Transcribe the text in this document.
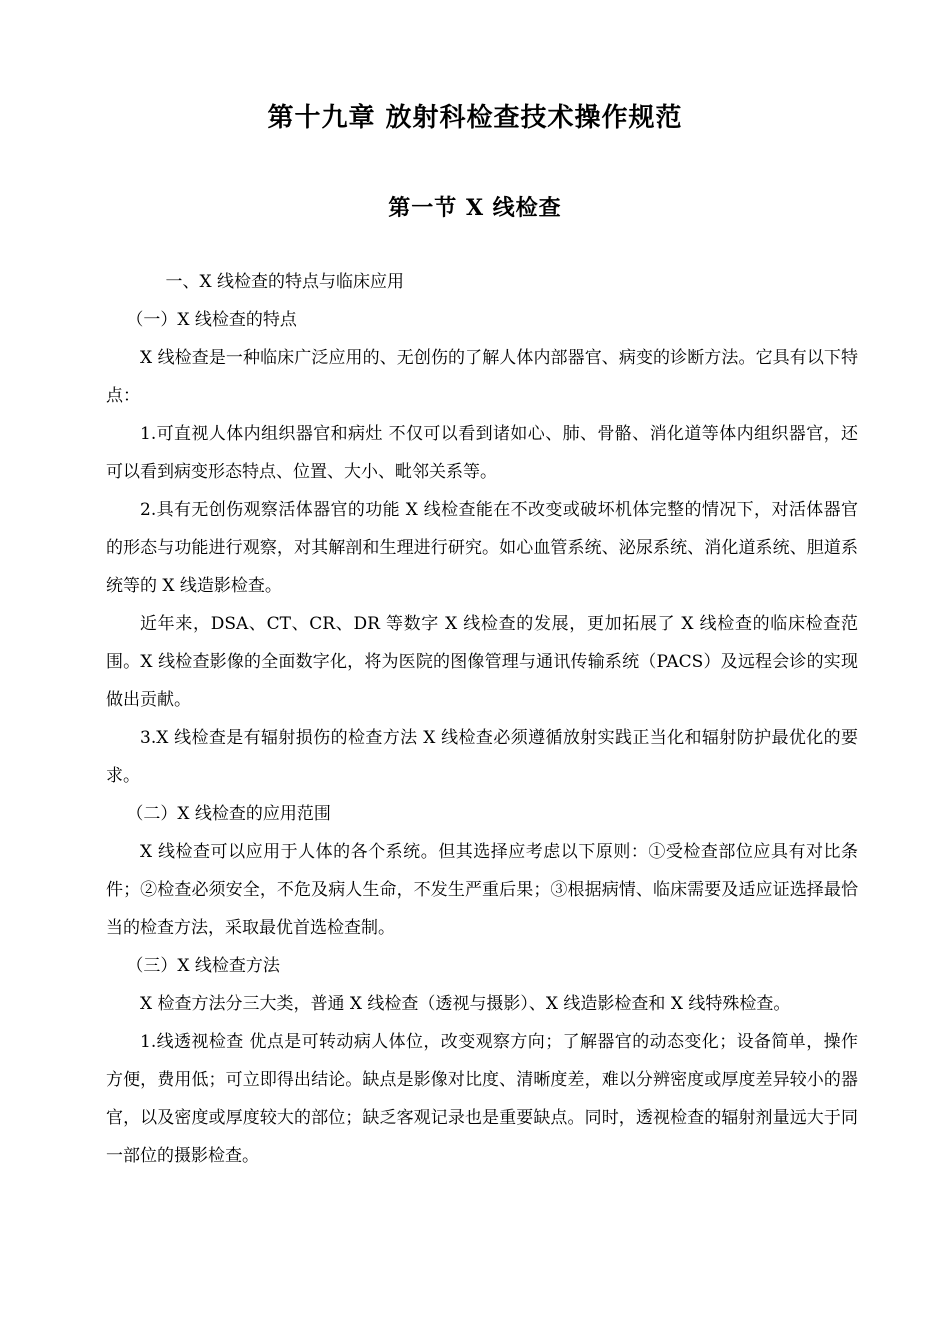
第十九章 放射科检查技术操作规范
第一节 X 线检查

一、X 线检查的特点与临床应用

（一）X 线检查的特点

X 线检查是一种临床广泛应用的、无创伤的了解人体内部器官、病变的诊断方法。它具有以下特点：

1.可直视人体内组织器官和病灶 不仅可以看到诸如心、肺、骨骼、消化道等体内组织器官，还可以看到病变形态特点、位置、大小、毗邻关系等。

2.具有无创伤观察活体器官的功能 X 线检查能在不改变或破坏机体完整的情况下，对活体器官的形态与功能进行观察，对其解剖和生理进行研究。如心血管系统、泌尿系统、消化道系统、胆道系统等的 X 线造影检查。

近年来，DSA、CT、CR、DR 等数字 X 线检查的发展，更加拓展了 X 线检查的临床检查范围。X 线检查影像的全面数字化，将为医院的图像管理与通讯传输系统（PACS）及远程会诊的实现做出贡献。

3.X 线检查是有辐射损伤的检查方法 X 线检查必须遵循放射实践正当化和辐射防护最优化的要求。

（二）X 线检查的应用范围

X 线检查可以应用于人体的各个系统。但其选择应考虑以下原则：①受检查部位应具有对比条件；②检查必须安全，不危及病人生命，不发生严重后果；③根据病情、临床需要及适应证选择最恰当的检查方法，采取最优首选检查制。

（三）X 线检查方法

X 检查方法分三大类，普通 X 线检查（透视与摄影）、X 线造影检查和 X 线特殊检查。

1.线透视检查 优点是可转动病人体位，改变观察方向；了解器官的动态变化；设备简单，操作方便，费用低；可立即得出结论。缺点是影像对比度、清晰度差，难以分辨密度或厚度差异较小的器官，以及密度或厚度较大的部位；缺乏客观记录也是重要缺点。同时，透视检查的辐射剂量远大于同一部位的摄影检查。
